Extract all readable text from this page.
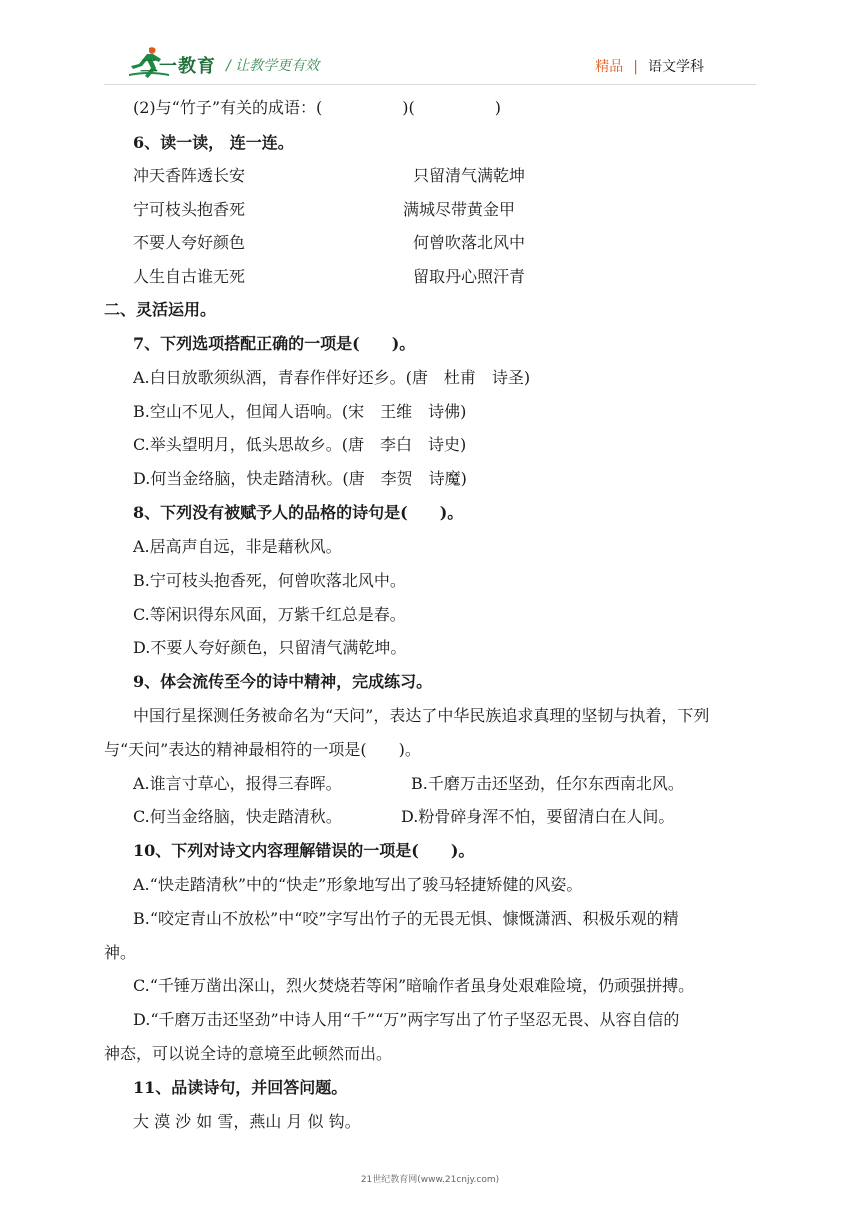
二一教育 / 让教学更有效	精品 | 语文学科
(2)与“竹子”有关的成语：(　　　　　)(　　　　　)
6、读一读， 连一连。
冲天香阵透长安	只留清气满乾坤
宁可枝头抱香死	满城尽带黄金甲
不要人夸好颜色	何曾吹落北风中
人生自古谁无死	留取丹心照汗青
二、灵活运用。
7、下列选项搭配正确的一项是(　　)。
A.白日放歌须纵酒，青春作伴好还乡。(唐　杜甫　诗圣)
B.空山不见人，但闻人语响。(宋　王维　诗佛)
C.举头望明月，低头思故乡。(唐　李白　诗史)
D.何当金络脑，快走踏清秋。(唐　李贺　诗魔)
8、下列没有被赋予人的品格的诗句是(　　)。
A.居高声自远，非是藉秋风。
B.宁可枝头抱香死，何曾吹落北风中。
C.等闲识得东风面，万紫千红总是春。
D.不要人夸好颜色，只留清气满乾坤。
9、体会流传至今的诗中精神，完成练习。
中国行星探测任务被命名为“天问”，表达了中华民族追求真理的坚韧与执着，下列
与“天问”表达的精神最相符的一项是(　　)。
A.谁言寸草心，报得三春晖。	B.千磨万击还坚劲，任尔东西南北风。
C.何当金络脑，快走踏清秋。	D.粉骨碎身浑不怕，要留清白在人间。
10、下列对诗文内容理解错误的一项是(　　)。
A.“快走踏清秋”中的“快走”形象地写出了骏马轻捷矫健的风姿。
B.“咬定青山不放松”中“咬”字写出竹子的无畏无惧、慷慨潇洒、积极乐观的精
神。
C.“千锤万凿出深山，烈火焚烧若等闲”暗喻作者虽身处艰难险境，仍顽强拼搏。
D.“千磨万击还坚劲”中诗人用“千”“万”两字写出了竹子坚忍无畏、从容自信的
神态，可以说全诗的意境至此顿然而出。
11、品读诗句，并回答问题。
大 漠 沙 如 雪，燕山 月 似 钩。
21世纪教育网(www.21cnjy.com)
